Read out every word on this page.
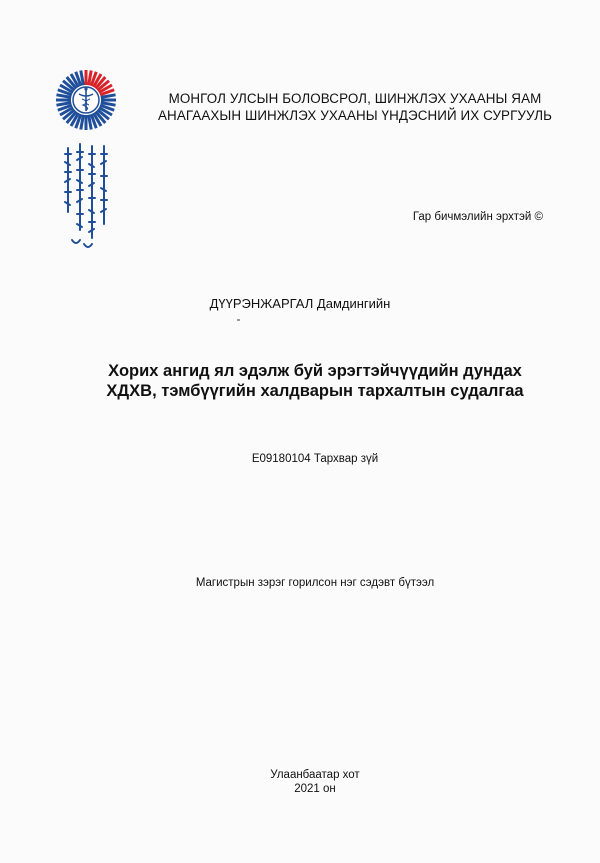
МОНГОЛ УЛСЫН БОЛОВСРОЛ, ШИНЖЛЭХ УХААНЫ ЯАМ
АНАГААХЫН ШИНЖЛЭХ УХААНЫ ҮНДЭСНИЙ ИХ СУРГУУЛЬ
Гар бичмэлийн эрхтэй ©
ДҮҮРЭНЖАРГАЛ Дамдингийн
Хорих ангид ял эдэлж буй эрэгтэйчүүдийн дундах
ХДХВ, тэмбүүгийн халдварын тархалтын судалгаа
E09180104 Тархвар зүй
Магистрын зэрэг горилсон нэг сэдэвт бүтээл
Улаанбаатар хот
2021 он
